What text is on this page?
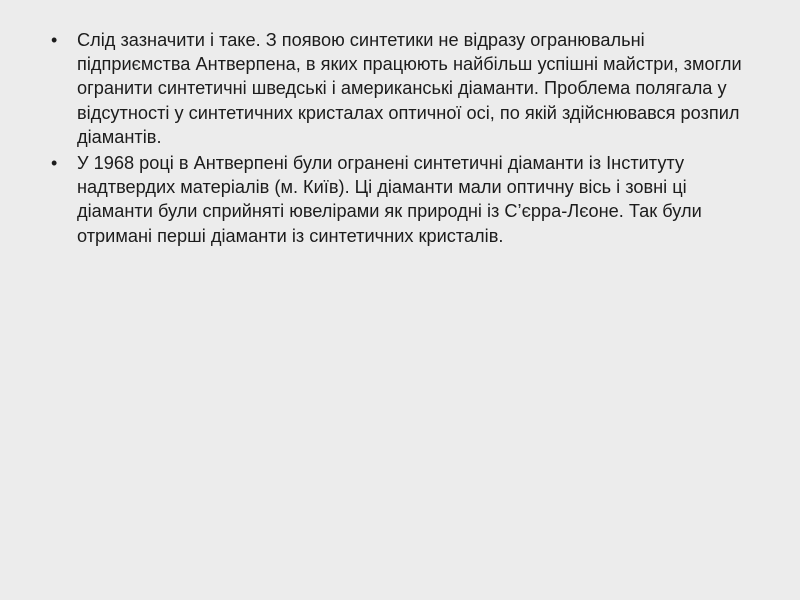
• Слід зазначити і таке. З появою синтетики не відразу огранювальні підприємства Антверпена, в яких працюють найбільш успішні майстри, змогли огранити синтетичні шведські і американські діаманти. Проблема полягала у відсутності у синтетичних кристалах оптичної осі, по якій здійснювався розпил діамантів.
• У 1968 році в Антверпені були огранені синтетичні діаманти із Інституту надтвердих матеріалів (м. Київ). Ці діаманти мали оптичну вісь і зовні ці діаманти були сприйняті ювелірами як природні із С’єрра-Лєоне. Так були отримані перші діаманти із синтетичних кристалів.
